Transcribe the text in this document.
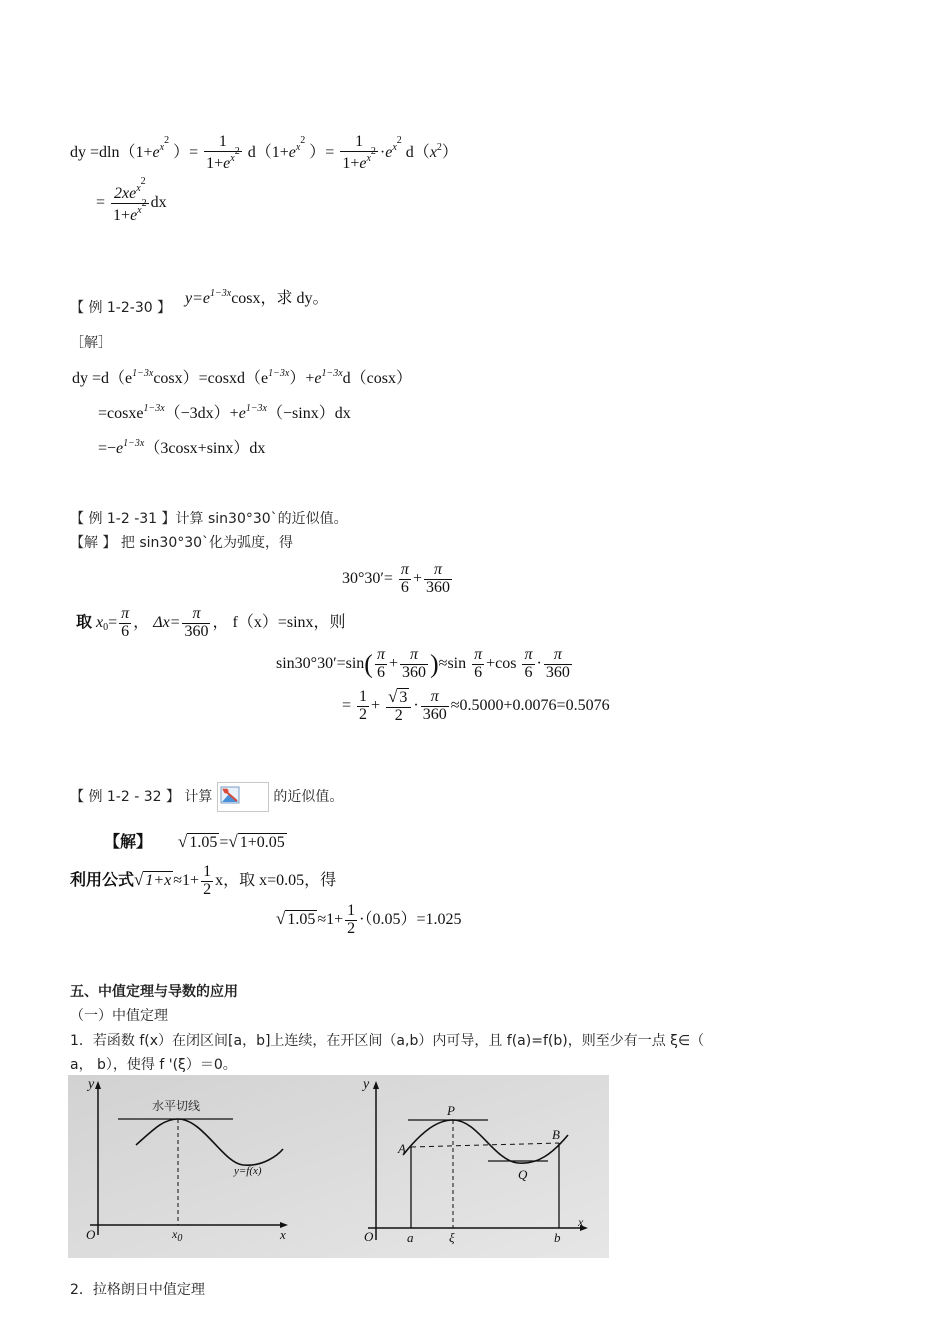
dy $=dln(1+e^{x^2}$ ）= $\frac{1}{1+e^{x^2}} d(1+e^{x^2}$ ）= $\frac{1}{1+e^{x^2}} \cdot e^{x^2}$ $d(x^2)$
= $\frac{2xe^{x^2}}{1+e^{x^2}}$ dx
【 例 1-2-30 】
$y=e^{1-3x}\cos x$，求 dy。
［解］
dy $=d(e^{1-3x}\cos x)=cosxd(e^{1-3x})+e^{1-3x}d(\cos x)$
$=cosxe^{1-3x}(-3dx)+e^{1-3x}(-\sin x)dx$
$=-e^{1-3x}(3\cos x+\sin x)dx$
【 例 1-2 -31 】计算 sin30°30`的近似值。
【解 】 把 sin30°30`化为弧度，得
$30^\circ 30'= \frac{\pi}{6} + \frac{\pi}{360}$
取 $x_0= \frac{\pi}{6}$ ， $\Delta x= \frac{\pi}{360}$ ， f（x）=sinx，则
$\sin 30^\circ 30'=\sin( \frac{\pi}{6} + \frac{\pi}{360} )\approx\sin \frac{\pi}{6} +\cos \frac{\pi}{6} \cdot \frac{\pi}{360}$
= $\frac{1}{2} + \frac{√ 3}{2} \cdot \frac{\pi}{360} \approx 0.5000+0.0076=0.5076$
【 例 1-2 - 32 】 计算	的近似值。
【解】 √ 1.05 =√ 1+0.05
利用公式√ $1+x \approx 1+ \frac{1}{2}$ x，取 x=0.05，得
√ $1.05 \approx 1+ \frac{1}{2} \cdot(0.05)=1.025$
五、中值定理与导数的应用
（一）中值定理
1．若函数 f(x）在闭区间[a，b]上连续，在开区间（a,b）内可导，且 f(a)=f(b)，则至少有一点 ξ∈（
a， b），使得 f '(ξ）＝0。
y
O	x
$x_0$
水平切线
y=f(x)
y
O
x
a	ξ	b
A
B
P
Q
2．拉格朗日中值定理
